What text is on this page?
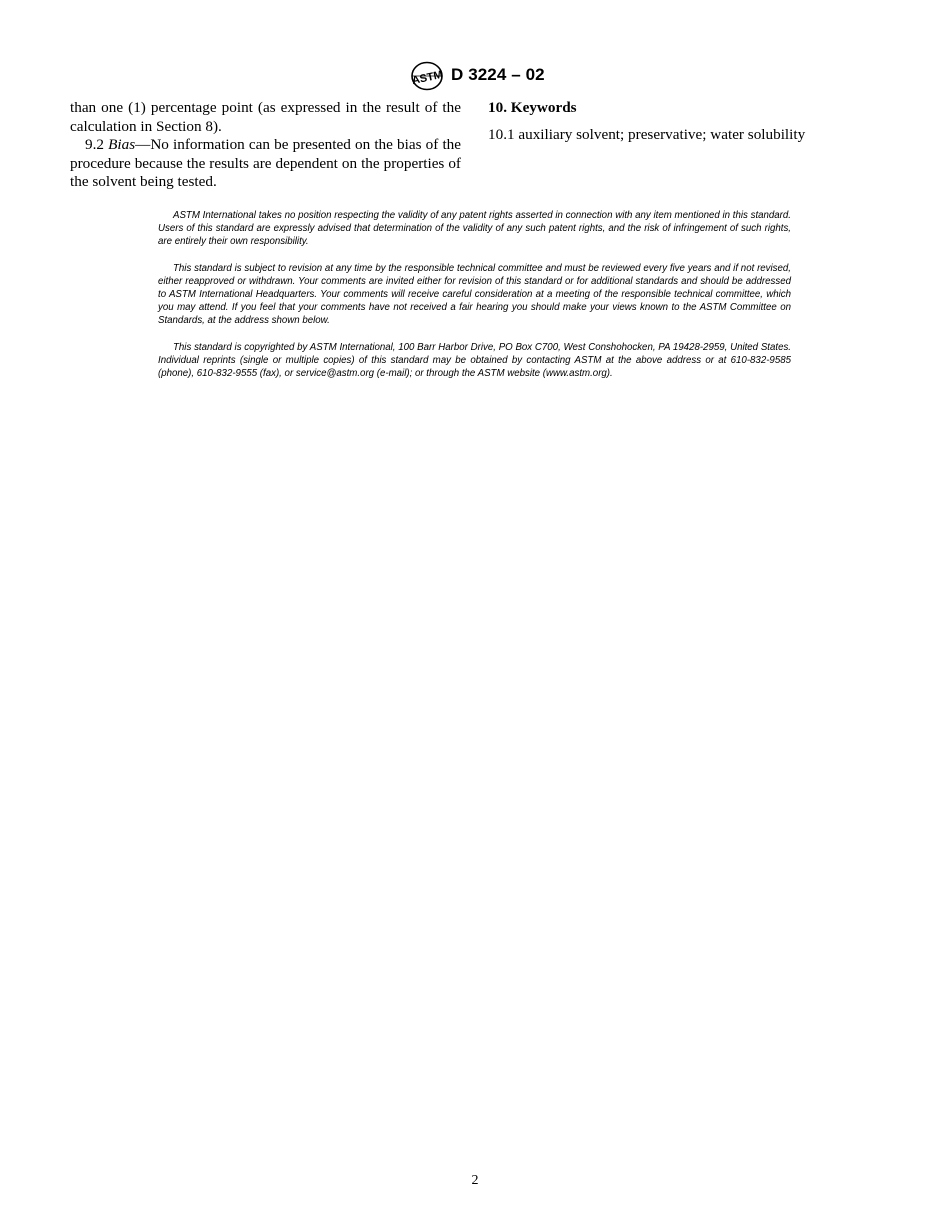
ASTM D 3224 – 02

than one (1) percentage point (as expressed in the result of the calculation in Section 8).

9.2 Bias—No information can be presented on the bias of the procedure because the results are dependent on the properties of the solvent being tested.

10. Keywords

10.1 auxiliary solvent; preservative; water solubility

ASTM International takes no position respecting the validity of any patent rights asserted in connection with any item mentioned in this standard. Users of this standard are expressly advised that determination of the validity of any such patent rights, and the risk of infringement of such rights, are entirely their own responsibility.

This standard is subject to revision at any time by the responsible technical committee and must be reviewed every five years and if not revised, either reapproved or withdrawn. Your comments are invited either for revision of this standard or for additional standards and should be addressed to ASTM International Headquarters. Your comments will receive careful consideration at a meeting of the responsible technical committee, which you may attend. If you feel that your comments have not received a fair hearing you should make your views known to the ASTM Committee on Standards, at the address shown below.

This standard is copyrighted by ASTM International, 100 Barr Harbor Drive, PO Box C700, West Conshohocken, PA 19428-2959, United States. Individual reprints (single or multiple copies) of this standard may be obtained by contacting ASTM at the above address or at 610-832-9585 (phone), 610-832-9555 (fax), or service@astm.org (e-mail); or through the ASTM website (www.astm.org).

2
